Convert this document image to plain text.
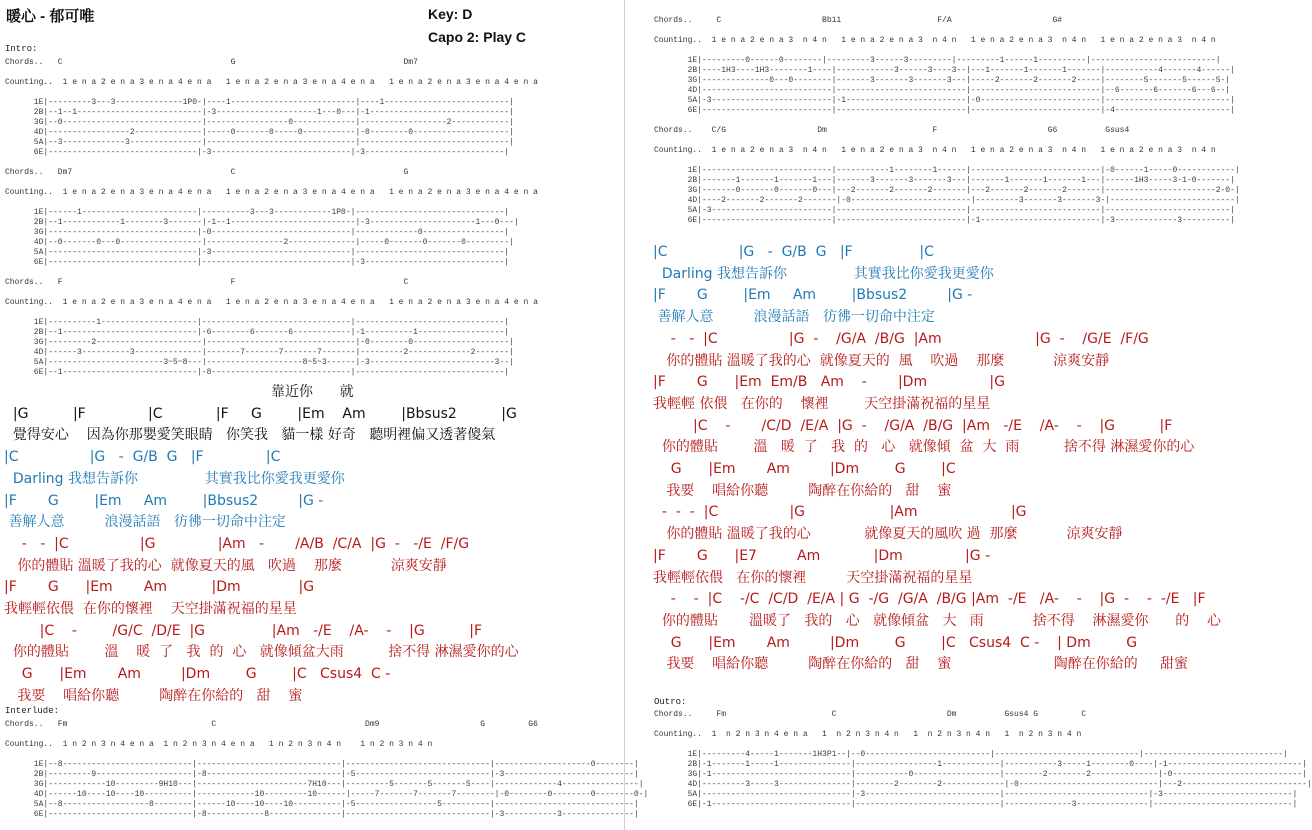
暖心 - 郁可唯	Key: D
Capo 2: Play C
Intro:
Chords..   C                                   G                                   Dm7
Counting..  1 e n a 2 e n a 3 e n a 4 e n a   1 e n a 2 e n a 3 e n a 4 e n a   1 e n a 2 e n a 3 e n a 4 e n a
1E|---------3---3--------------1P0-|----1--------------------------|----1--------------------------|
2B|--1--1--------------------------|-3---------------------1---0---|-1-----------------------------|
3G|--0-----------------------------|-----------------0-------------|------------------2------------|
4D|-----------------2--------------|-----0-------0-----0-----------|-0--------0--------------------|
5A|--3-------------3---------------|-------------------------------|-------------------------------|
6E|-------------------------------|-3-----------------------------|-3-----------------------------|
Chords..   Dm7                                 C                                   G
Counting..  1 e n a 2 e n a 3 e n a 4 e n a   1 e n a 2 e n a 3 e n a 4 e n a   1 e n a 2 e n a 3 e n a 4 e n a
1E|------1------------------------|----------3---3------------1P0-|-------------------------------|
2B|--1------------1--------3-------|-1--1--------------------------|-3----------------------1---0---|
3G|-------------------------------|-0-----------------------------|-------------0-----------------|
4D|--0-------0---0-----------------|----------------2--------------|-----0-------0-------0---------|
5A|-------------------------------|-3-----------------------------|-------------------------------|
6E|-------------------------------|-------------------------------|-3-----------------------------|
Chords..   F                                   F                                   C
Counting..  1 e n a 2 e n a 3 e n a 4 e n a   1 e n a 2 e n a 3 e n a 4 e n a   1 e n a 2 e n a 3 e n a 4 e n a
1E|----------1--------------------|-------------------------------|-------------------------------|
2B|--1----------------------------|-6--------6-------6------------|-1----------1------------------|
3G|---------2----------------------|-------------------------------|-0--------0--------------------|
4D|------3----------3--------------|-------7-------7-------7-------|---------2-------------2-------|
5A|------------------------3~5~8---|--------------------8~5~3------|-3--------------------------3--|
6E|--1----------------------------|-8-----------------------------|-------------------------------|
靠近你      就
|G          |F              |C            |F     G        |Em    Am        |Bbsus2          |G
覺得安心    因為你那嬰愛笑眼睛   你笑我   貓一樣 好奇   聽明裡偏又透著傻氣
|C                |G   -  G/B  G   |F              |C
Darling 我想告訴你               其實我比你愛我更愛你
|F       G        |Em     Am        |Bbsus2         |G -
善解人意         浪漫話語   彷彿一切命中注定
-   -  |C                |G              |Am   -       /A/B  /C/A  |G  -   -/E  /F/G
你的體貼 溫暖了我的心  就像夏天的風   吹過    那麼           涼爽安靜
|F       G      |Em       Am          |Dm             |G
我輕輕依偎  在你的懷裡    天空掛滿祝福的星星
|C    -        /G/C  /D/E  |G               |Am   -/E    /A-    -    |G          |F
你的體貼        溫    暖  了   我  的  心   就像傾盆大雨          捨不得 淋濕愛你的心
G      |Em       Am         |Dm        G        |C   Csus4  C -
我要    唱給你聽         陶醉在你給的   甜    蜜
Interlude:
Chords..   Fm                              C                               Dm9                     G         G6
Counting..  1 n 2 n 3 n 4 e n a  1 n 2 n 3 n 4 e n a   1 n 2 n 3 n 4 n    1 n 2 n 3 n 4 n
1E|--8---------------------------|------------------------------|------------------------------|--------------------0--------|
2B|---------9--------------------|-8----------------------------|-5----------------------------|-3---------------------------|
3G|------------10---------9H10---|-----------------------7H10---|---------5-------5-------5----|-------------4----------------|
4D|------10----10----10----------|------------10---------10------|-----7-------7-------7--------|-0--------0--------0--------0-|
5A|--8------------------8--------|------10----10----10----------|-5-----------------5----------|-----------------------------|
6E|------------------------------|-8------------8---------------|------------------------------|-3-----------3---------------|
Chords..     C                     Bb11                    F/A                     G#
Counting..  1 e n a 2 e n a 3  n 4 n   1 e n a 2 e n a 3  n 4 n   1 e n a 2 e n a 3  n 4 n   1 e n a 2 e n a 3  n 4 n
1E|---------0------0--------|---------3------3---------|---------1------1----------|--------------------------|
2B|----1H3----1H3--------1----|------------3------3----3--|---1-------1-------1-------|-----------4-------4------|
3G|--------------0---0--------|-------3-------3-------3---|-----2-------2-------2-----|--------5-------5------5-|
4D|---------------------------|---------------------------|---------------------------|--6-------6-------6---6--|
5A|-3-------------------------|-1-------------------------|-0-------------------------|--------------------------|
6E|---------------------------|---------------------------|---------------------------|-4------------------------|
Chords..    C/G                   Dm                      F                       G6          Gsus4
Counting..  1 e n a 2 e n a 3  n 4 n   1 e n a 2 e n a 3  n 4 n   1 e n a 2 e n a 3  n 4 n   1 e n a 2 e n a 3  n 4 n
1E|---------------------------|-----------1--------1------|---------------------------|-0------1-----0------------|
2B|-------1-------1-------1---|-------3-------3-------3---|-------1-------1-------1---|------1H3-----3-1-0-------|
3G|-------0-------0-------0---|---2-------2-------2-------|---2-------2-------2-------|-----------------------2-0-|
4D|----2-------2-------2-------|-0-------------------------|---------3-------3-------3-|--------------------------|
5A|-3-------------------------|---------------------------|---------------------------|--------------------------|
6E|---------------------------|---------------------------|-1-------------------------|-3-------------3----------|
|C                |G   -  G/B  G   |F               |C
Darling 我想告訴你               其實我比你愛我更愛你
|F       G        |Em     Am        |Bbsus2         |G -
善解人意         浪漫話語   彷彿一切命中注定
-   -  |C                |G  -    /G/A  /B/G  |Am                     |G  -    /G/E  /F/G
你的體貼 溫暖了我的心  就像夏天的  風    吹過    那麼           涼爽安靜
|F       G      |Em  Em/B   Am    -       |Dm              |G
我輕輕 依偎   在你的    懷裡        天空掛滿祝福的星星
|C    -       /C/D  /E/A  |G  -    /G/A  /B/G  |Am   -/E    /A-    -    |G          |F
你的體貼        溫   暖  了   我  的   心   就像傾  盆  大  雨          捨不得 淋濕愛你的心
G      |Em       Am         |Dm        G        |C
我要    唱給你聽         陶醉在你給的   甜    蜜
-  -  -  |C                |G                   |Am                     |G
你的體貼 溫暖了我的心            就像夏天的風吹 過  那麼           涼爽安靜
|F       G      |E7         Am            |Dm              |G -
我輕輕依偎   在你的懷裡         天空掛滿祝福的星星
-    -  |C    -/C  /C/D  /E/A | G  -/G  /G/A  /B/G |Am  -/E   /A-    -    |G  -    -  -/E   |F
你的體貼       溫暖了   我的   心   就像傾盆   大   雨           捨不得    淋濕愛你      的    心
G      |Em       Am         |Dm        G        |C   Csus4  C -    | Dm        G
我要    唱給你聽         陶醉在你給的   甜    蜜                       陶醉在你給的     甜蜜
Outro:
Chords..     Fm                      C                       Dm          Gsus4 G         C
Counting..  1  n 2 n 3 n 4 e n a   1  n 2 n 3 n 4 n   1  n 2 n 3 n 4 n   1  n 2 n 3 n 4 n
1E|---------4-----1-------1H3P1--|--0--------------------------|------------------------------|-----------------------------|
2B|-1-------1-----1---------------|-----------------1------------|-----------3-----1--------0----|-1----------------------------|
3G|-1-----------------------------|-----------0------------------|--------2--------2--------------|-0---------------------------|
4D|---------3-----3---------------|--------2--------2-------------|-0-----------------------------|---2--------------------------|
5A|-------------------------------|-3----------------------------|------------------------------|-3---------------------------|
6E|-1-----------------------------|------------------------------|--------------3---------------|-----------------------------|
